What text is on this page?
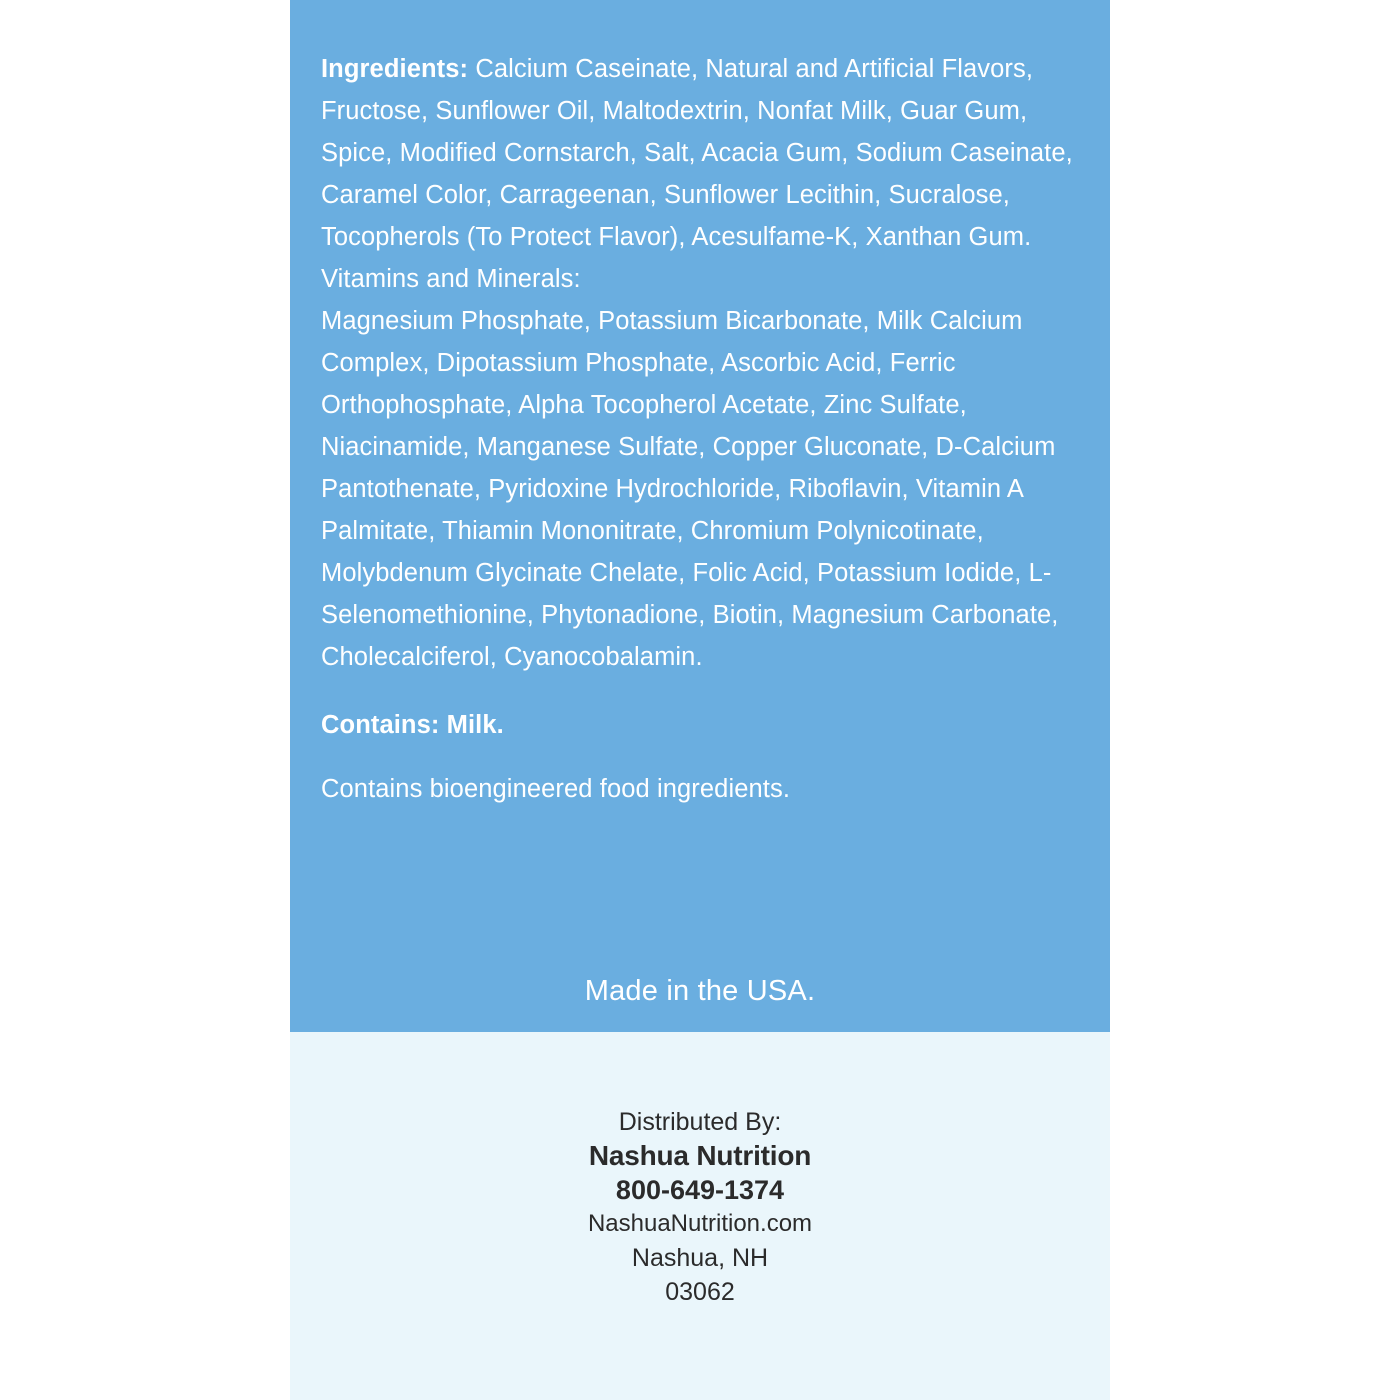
Ingredients: Calcium Caseinate, Natural and Artificial Flavors, Fructose, Sunflower Oil, Maltodextrin, Nonfat Milk, Guar Gum, Spice, Modified Cornstarch, Salt, Acacia Gum, Sodium Caseinate, Caramel Color, Carrageenan, Sunflower Lecithin, Sucralose, Tocopherols (To Protect Flavor), Acesulfame-K, Xanthan Gum.

Vitamins and Minerals:

Magnesium Phosphate, Potassium Bicarbonate, Milk Calcium Complex, Dipotassium Phosphate, Ascorbic Acid, Ferric Orthophosphate, Alpha Tocopherol Acetate, Zinc Sulfate, Niacinamide, Manganese Sulfate, Copper Gluconate, D-Calcium Pantothenate, Pyridoxine Hydrochloride, Riboflavin, Vitamin A Palmitate, Thiamin Mononitrate, Chromium Polynicotinate, Molybdenum Glycinate Chelate, Folic Acid, Potassium Iodide, L-Selenomethionine, Phytonadione, Biotin, Magnesium Carbonate, Cholecalciferol, Cyanocobalamin.

Contains: Milk.

Contains bioengineered food ingredients.

Made in the USA.
Distributed By:
Nashua Nutrition
800-649-1374
NashuaNutrition.com
Nashua, NH
03062
